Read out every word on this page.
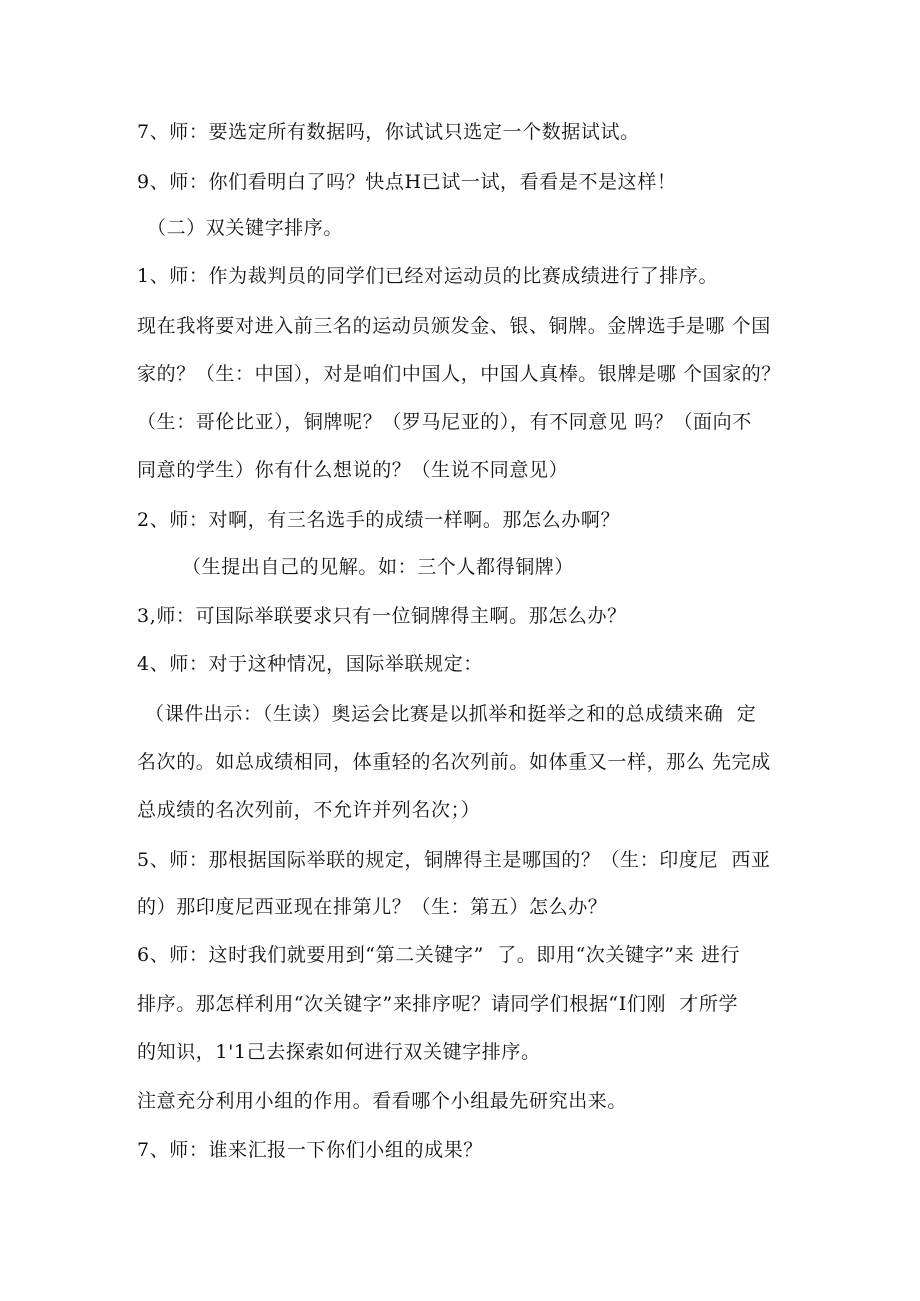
7、师：要选定所有数据吗，你试试只选定一个数据试试。
9、师：你们看明白了吗？快点H已试一试，看看是不是这样！
（二）双关键字排序。
1、师：作为裁判员的同学们已经对运动员的比赛成绩进行了排序。
现在我将要对进入前三名的运动员颁发金、银、铜牌。金牌选手是哪 个国
家的？（生：中国），对是咱们中国人，中国人真棒。银牌是哪 个国家的？
（生：哥伦比亚），铜牌呢？（罗马尼亚的），有不同意见 吗？（面向不
同意的学生）你有什么想说的？（生说不同意见）
2、师：对啊，有三名选手的成绩一样啊。那怎么办啊？
（生提出自己的见解。如：三个人都得铜牌）
3,师：可国际举联要求只有一位铜牌得主啊。那怎么办？
4、师：对于这种情况，国际举联规定：
（课件出示：（生读）奥运会比赛是以抓举和挺举之和的总成绩来确  定
名次的。如总成绩相同，体重轻的名次列前。如体重又一样，那么 先完成
总成绩的名次列前，不允许并列名次；）
5、师：那根据国际举联的规定，铜牌得主是哪国的？（生：印度尼  西亚
的）那印度尼西亚现在排第儿？（生：第五）怎么办？
6、师：这时我们就要用到“第二关键字”  了。即用“次关键字”来 进行
排序。那怎样利用“次关键字”来排序呢？请同学们根据“I们刚  才所学
的知识，1'1己去探索如何进行双关键字排序。
注意充分利用小组的作用。看看哪个小组最先研究出来。
7、师：谁来汇报一下你们小组的成果？
